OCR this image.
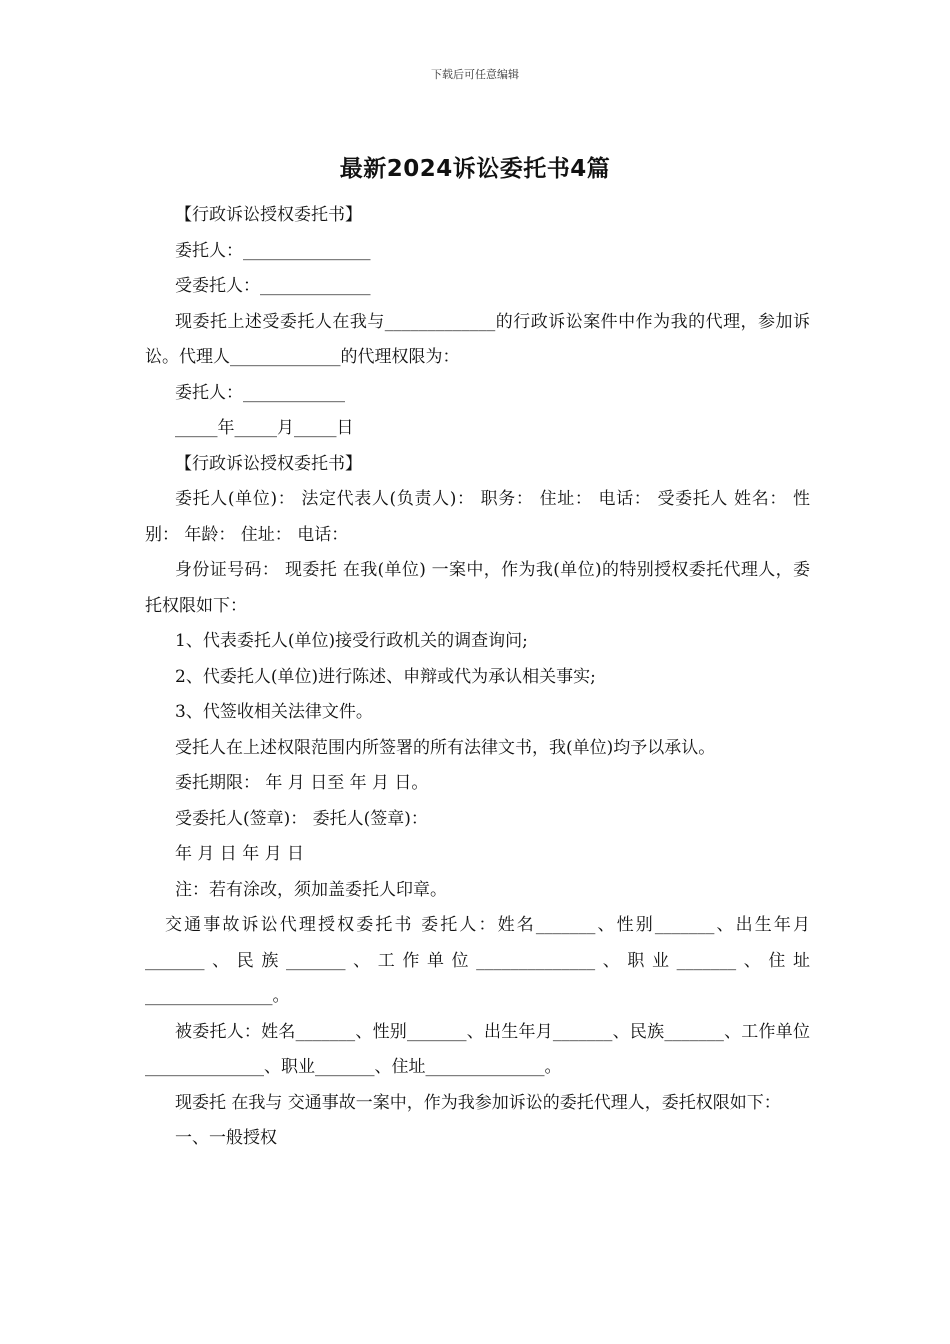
下载后可任意编辑
最新2024诉讼委托书4篇

【行政诉讼授权委托书】

委托人：_______________

受委托人：_____________

现委托上述受委托人在我与_____________的行政诉讼案件中作为我的代理，参加诉讼。代理人_____________的代理权限为：

委托人：____________

_____年_____月_____日

【行政诉讼授权委托书】

委托人(单位)： 法定代表人(负责人)： 职务： 住址： 电话： 受委托人 姓名： 性别： 年龄： 住址： 电话：

身份证号码： 现委托 在我(单位) 一案中，作为我(单位)的特别授权委托代理人，委托权限如下：

1、代表委托人(单位)接受行政机关的调查询问;

2、代委托人(单位)进行陈述、申辩或代为承认相关事实;

3、代签收相关法律文件。

受托人在上述权限范围内所签署的所有法律文书，我(单位)均予以承认。

委托期限： 年 月 日至 年 月 日。

受委托人(签章)： 委托人(签章)：

年 月 日 年 月 日

注：若有涂改，须加盖委托人印章。

交通事故诉讼代理授权委托书 委托人：姓名_______、性别_______、出生年月_______、民族_______、工作单位______________、职业_______、住址_______________。

被委托人：姓名_______、性别_______、出生年月_______、民族_______、工作单位______________、职业_______、住址______________。

现委托 在我与 交通事故一案中，作为我参加诉讼的委托代理人，委托权限如下：

一、一般授权
